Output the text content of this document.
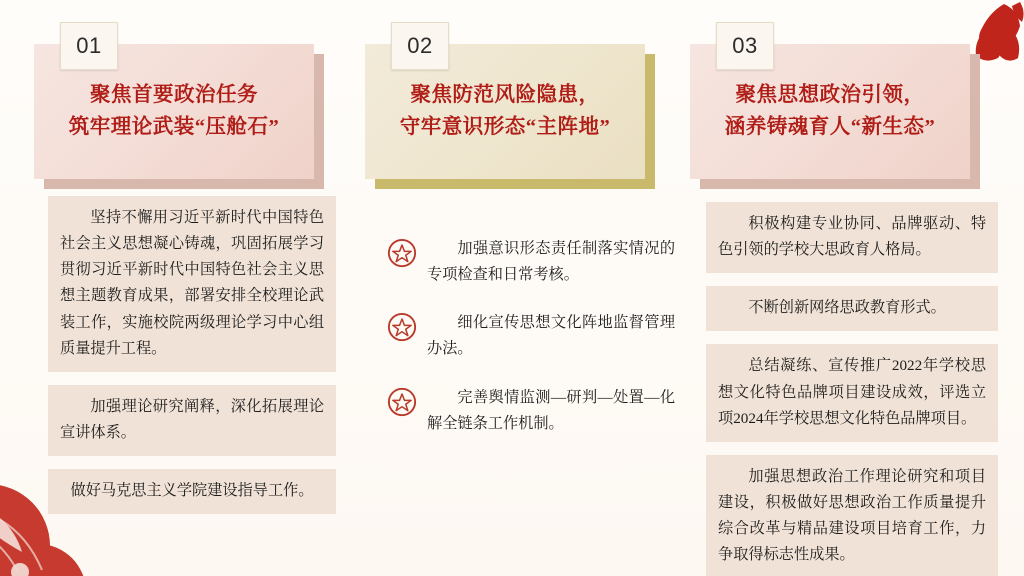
01
聚焦首要政治任务
筑牢理论武装“压舱石”
坚持不懈用习近平新时代中国特色社会主义思想凝心铸魂，巩固拓展学习贯彻习近平新时代中国特色社会主义思想主题教育成果，部署安排全校理论武装工作，实施校院两级理论学习中心组质量提升工程。
加强理论研究阐释，深化拓展理论宣讲体系。
做好马克思主义学院建设指导工作。
02
聚焦防范风险隐患，
守牢意识形态“主阵地”
加强意识形态责任制落实情况的专项检查和日常考核。
细化宣传思想文化阵地监督管理办法。
完善舆情监测—研判—处置—化解全链条工作机制。
03
聚焦思想政治引领，
涵养铸魂育人“新生态”
积极构建专业协同、品牌驱动、特色引领的学校大思政育人格局。
不断创新网络思政教育形式。
总结凝练、宣传推广2022年学校思想文化特色品牌项目建设成效，评选立项2024年学校思想文化特色品牌项目。
加强思想政治工作理论研究和项目建设，积极做好思想政治工作质量提升综合改革与精品建设项目培育工作，力争取得标志性成果。
